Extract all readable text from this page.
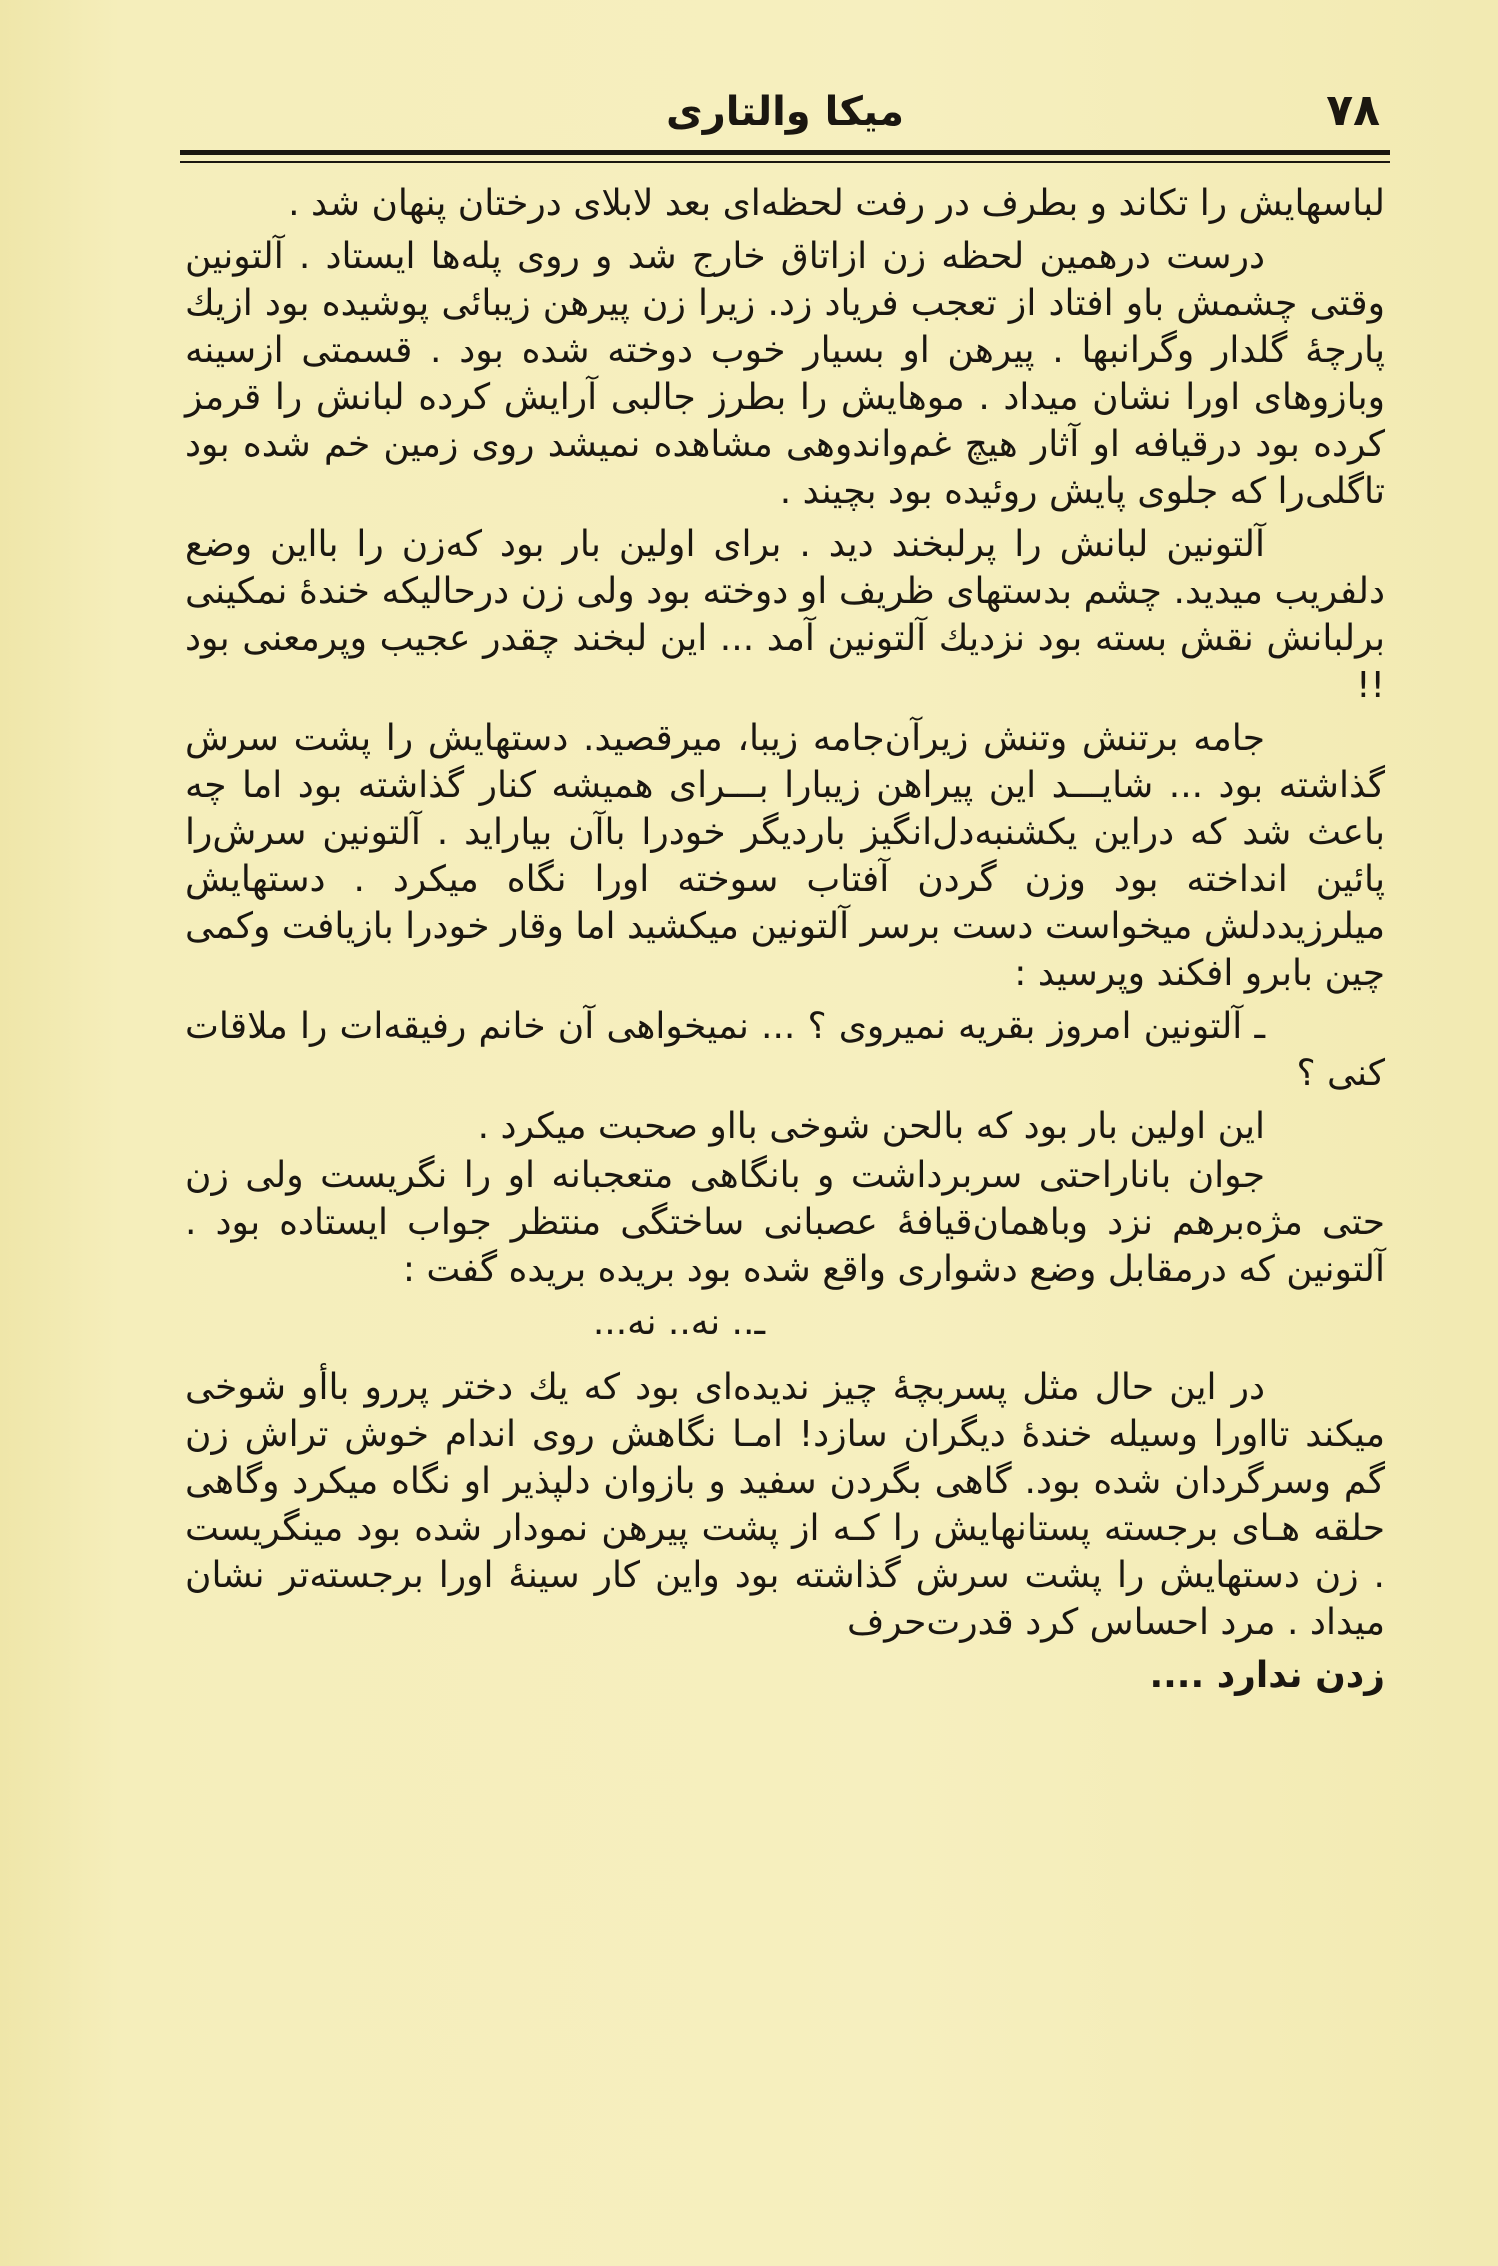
۷۸
میکا والتاری

لباسهایش را تکاند و بطرف در رفت لحظه‌ای بعد لابلای درختان پنهان شد .

درست درهمین لحظه زن ازاتاق خارج شد و روی پله‌ها ایستاد . آلتونین وقتی چشمش باو افتاد از تعجب فریاد زد. زیرا زن پیرهن زیبائی پوشیده بود ازیك پارچهٔ گلدار وگرانبها . پیرهن او بسیار خوب دوخته شده بود . قسمتی ازسینه وبازوهای اورا نشان میداد . موهایش را بطرز جالبی آرایش کرده لبانش را قرمز کرده بود درقیافه او آثار هیچ غم‌واندوهی مشاهده نمیشد روی زمین خم شده بود تاگلی‌را که جلوی پایش روئیده بود بچیند .

آلتونین لبانش را پرلبخند دید . برای اولین بار بود که‌زن را بااین وضع دلفریب میدید. چشم بدستهای ظریف او دوخته بود ولی زن درحالیکه خندهٔ نمکینی برلبانش نقش بسته بود نزدیك آلتونین آمد ... این لبخند چقدر عجیب وپرمعنی بود !!

جامه برتنش وتنش زیرآن‌جامه زیبا، میرقصید. دستهایش را پشت سرش گذاشته بود ... شایـــد این پیراهن زیبارا بـــرای همیشه کنار گذاشته بود اما چه باعث شد که دراین یکشنبه‌دل‌انگیز باردیگر خودرا باآن بیاراید . آلتونین سرش‌را پائین انداخته بود وزن گردن آفتاب سوخته اورا نگاه میکرد . دستهایش میلرزیددلش میخواست دست برسر آلتونین میکشید اما وقار خودرا بازیافت وکمی چین بابرو افکند وپرسید :

ـ آلتونین امروز بقریه نمیروی ؟ ... نمیخواهی آن خانم رفیقه‌ات را ملاقات کنی ؟

این اولین بار بود که بالحن شوخی بااو صحبت میکرد .

جوان باناراحتی سربرداشت و بانگاهی متعجبانه او را نگریست ولی زن حتی مژه‌برهم نزد وباهمان‌قیافهٔ عصبانی ساختگی منتظر جواب ایستاده بود . آلتونین که درمقابل وضع دشواری واقع شده بود بریده بریده گفت :

ـ.. نه.. نه...

در این حال مثل پسربچهٔ چیز ندیده‌ای بود که یك دختر پررو باأو شوخی میکند تااورا وسیله خندهٔ دیگران سازد! امـا نگاهش روی اندام خوش تراش زن گم وسرگردان شده بود. گاهی بگردن سفید و بازوان دلپذیر او نگاه میکرد وگاهی حلقه هـای برجسته پستانهایش را کـه از پشت پیرهن نمودار شده بود مینگریست . زن دستهایش را پشت سرش گذاشته بود واین کار سینهٔ اورا برجسته‌تر نشان میداد . مرد احساس کرد قدرت‌حرف

زدن ندارد ....
